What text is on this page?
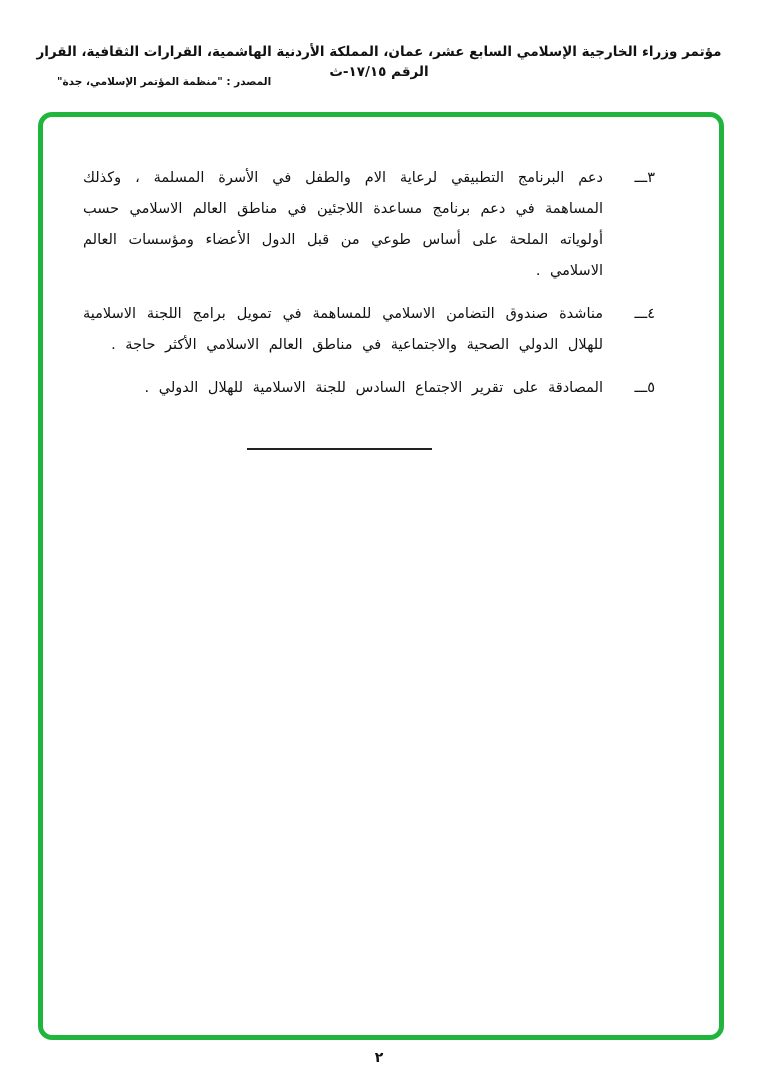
مؤتمر وزراء الخارجية الإسلامي السابع عشر، عمان، المملكة الأردنية الهاشمية، القرارات الثقافية، القرار الرقم ١٧/١٥-ث
المصدر : "منظمة المؤتمر الإسلامي، جدة"
٣ـــ
دعم البرنامج التطبيقي لرعاية الام والطفل في الأسرة المسلمة ، وكذلك المساهمة في دعم برنامج مساعدة اللاجئين في مناطق العالم الاسلامي حسب أولوياته الملحة على أساس طوعي من قبل الدول الأعضاء ومؤسسات العالم الاسلامي .
٤ـــ
مناشدة صندوق التضامن الاسلامي للمساهمة في تمويل برامج اللجنة الاسلامية للهلال الدولي الصحية والاجتماعية في مناطق العالم الاسلامي الأكثر حاجة .
٥ـــ
المصادقة على تقرير الاجتماع السادس للجنة الاسلامية للهلال الدولي .
٢
